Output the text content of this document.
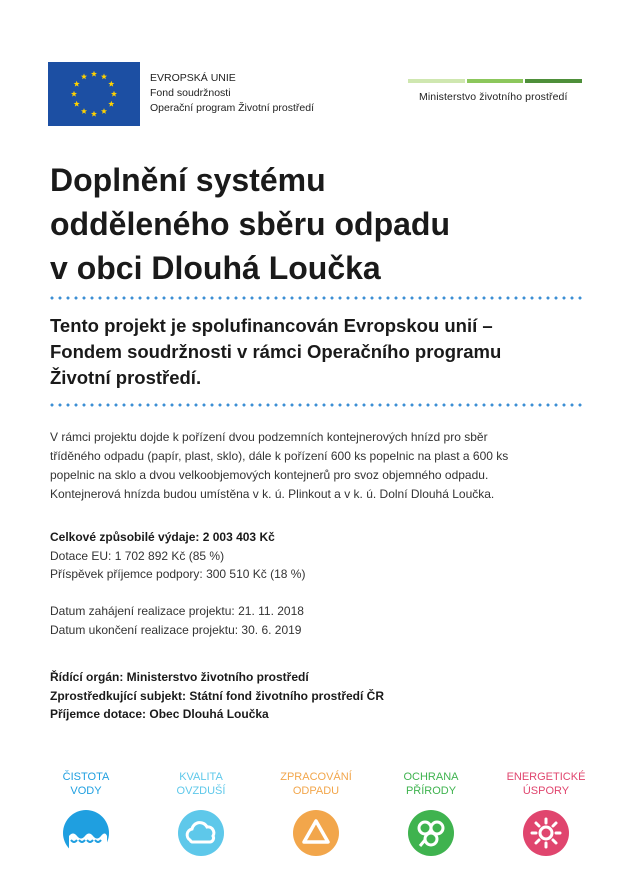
EVROPSKÁ UNIE
Fond soudržnosti
Operační program Životní prostředí
Ministerstvo životního prostředí
Doplnění systému
odděleného sběru odpadu
v obci Dlouhá Loučka
Tento projekt je spolufinancován Evropskou unií –
Fondem soudržnosti v rámci Operačního programu
Životní prostředí.
V rámci projektu dojde k pořízení dvou podzemních kontejnerových hnízd pro sběr
tříděného odpadu (papír, plast, sklo), dále k pořízení 600 ks popelnic na plast a 600 ks
popelnic na sklo a dvou velkoobjemových kontejnerů pro svoz objemného odpadu.
Kontejnerová hnízda budou umístěna v k. ú. Plinkout a v k. ú. Dolní Dlouhá Loučka.
Celkové způsobilé výdaje: 2 003 403 Kč
Dotace EU: 1 702 892 Kč (85 %)
Příspěvek příjemce podpory: 300 510 Kč (18 %)
Datum zahájení realizace projektu: 21. 11. 2018
Datum ukončení realizace projektu: 30. 6. 2019
Řídící orgán: Ministerstvo životního prostředí
Zprostředkující subjekt: Státní fond životního prostředí ČR
Příjemce dotace: Obec Dlouhá Loučka
ČISTOTA
VODY
KVALITA
OVZDUŠÍ
ZPRACOVÁNÍ
ODPADU
OCHRANA
PŘÍRODY
ENERGETICKÉ
ÚSPORY
